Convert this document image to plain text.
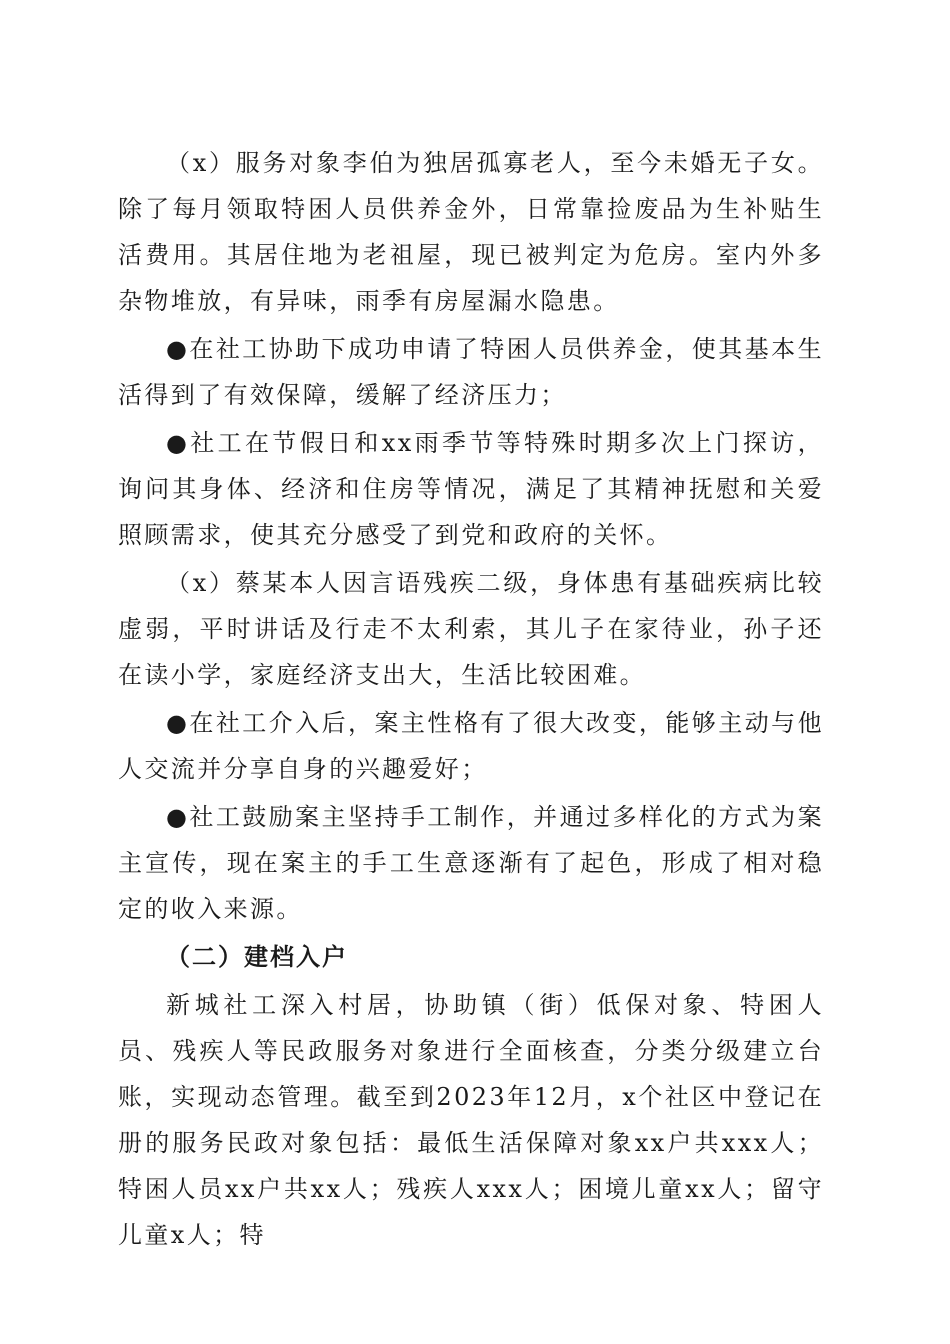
（x）服务对象李伯为独居孤寡老人，至今未婚无子女。除了每月领取特困人员供养金外，日常靠捡废品为生补贴生活费用。其居住地为老祖屋，现已被判定为危房。室内外多杂物堆放，有异味，雨季有房屋漏水隐患。

●在社工协助下成功申请了特困人员供养金，使其基本生活得到了有效保障，缓解了经济压力；

●社工在节假日和xx雨季节等特殊时期多次上门探访，询问其身体、经济和住房等情况，满足了其精神抚慰和关爱照顾需求，使其充分感受了到党和政府的关怀。

（x）蔡某本人因言语残疾二级，身体患有基础疾病比较虚弱，平时讲话及行走不太利索，其儿子在家待业，孙子还在读小学，家庭经济支出大，生活比较困难。

●在社工介入后，案主性格有了很大改变，能够主动与他人交流并分享自身的兴趣爱好；

●社工鼓励案主坚持手工制作，并通过多样化的方式为案主宣传，现在案主的手工生意逐渐有了起色，形成了相对稳定的收入来源。

（二）建档入户

新城社工深入村居，协助镇（街）低保对象、特困人员、残疾人等民政服务对象进行全面核查，分类分级建立台账，实现动态管理。截至到2023年12月，x个社区中登记在册的服务民政对象包括：最低生活保障对象xx户共xxx人；特困人员xx户共xx人；残疾人xxx人；困境儿童xx人；留守儿童x人；特
